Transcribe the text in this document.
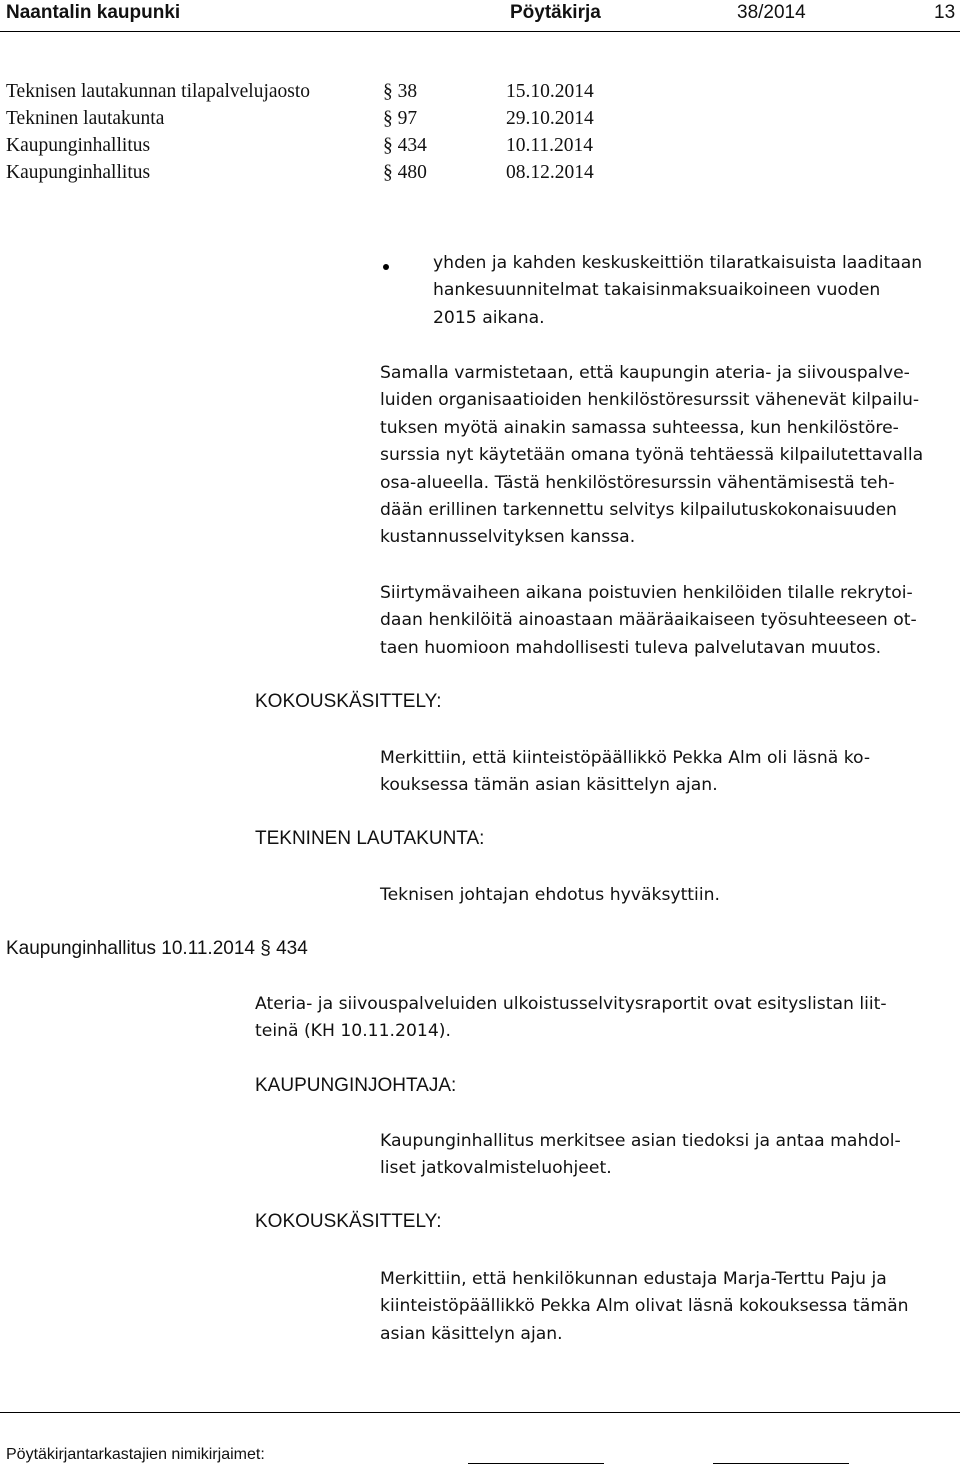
Naantalin kaupunki	Pöytäkirja	38/2014	13
Teknisen lautakunnan tilapalvelujaosto	§ 38	15.10.2014
Tekninen lautakunta	§ 97	29.10.2014
Kaupunginhallitus	§ 434	10.11.2014
Kaupunginhallitus	§ 480	08.12.2014
yhden ja kahden keskuskeittiön tilaratkaisuista laaditaan
hankesuunnitelmat takaisinmaksuaikoineen vuoden
2015 aikana.
Samalla varmistetaan, että kaupungin ateria- ja siivouspalve-
luiden organisaatioiden henkilöstöresurssit vähenevät kilpailu-
tuksen myötä ainakin samassa suhteessa, kun henkilöstöre-
surssia nyt käytetään omana työnä tehtäessä kilpailutettavalla
osa-alueella. Tästä henkilöstöresurssin vähentämisestä teh-
dään erillinen tarkennettu selvitys kilpailutuskokonaisuuden
kustannusselvityksen kanssa.
Siirtymävaiheen aikana poistuvien henkilöiden tilalle rekrytoi-
daan henkilöitä ainoastaan määräaikaiseen työsuhteeseen ot-
taen huomioon mahdollisesti tuleva palvelutavan muutos.
KOKOUSKÄSITTELY:
Merkittiin, että kiinteistöpäällikkö Pekka Alm oli läsnä ko-
kouksessa tämän asian käsittelyn ajan.
TEKNINEN LAUTAKUNTA:
Teknisen johtajan ehdotus hyväksyttiin.
Kaupunginhallitus 10.11.2014 § 434
Ateria- ja siivouspalveluiden ulkoistusselvitysraportit ovat esityslistan liit-
teinä (KH 10.11.2014).
KAUPUNGINJOHTAJA:
Kaupunginhallitus merkitsee asian tiedoksi ja antaa mahdol-
liset jatkovalmisteluohjeet.
KOKOUSKÄSITTELY:
Merkittiin, että henkilökunnan edustaja Marja-Terttu Paju ja
kiinteistöpäällikkö Pekka Alm olivat läsnä kokouksessa tämän
asian käsittelyn ajan.
Pöytäkirjantarkastajien nimikirjaimet:
